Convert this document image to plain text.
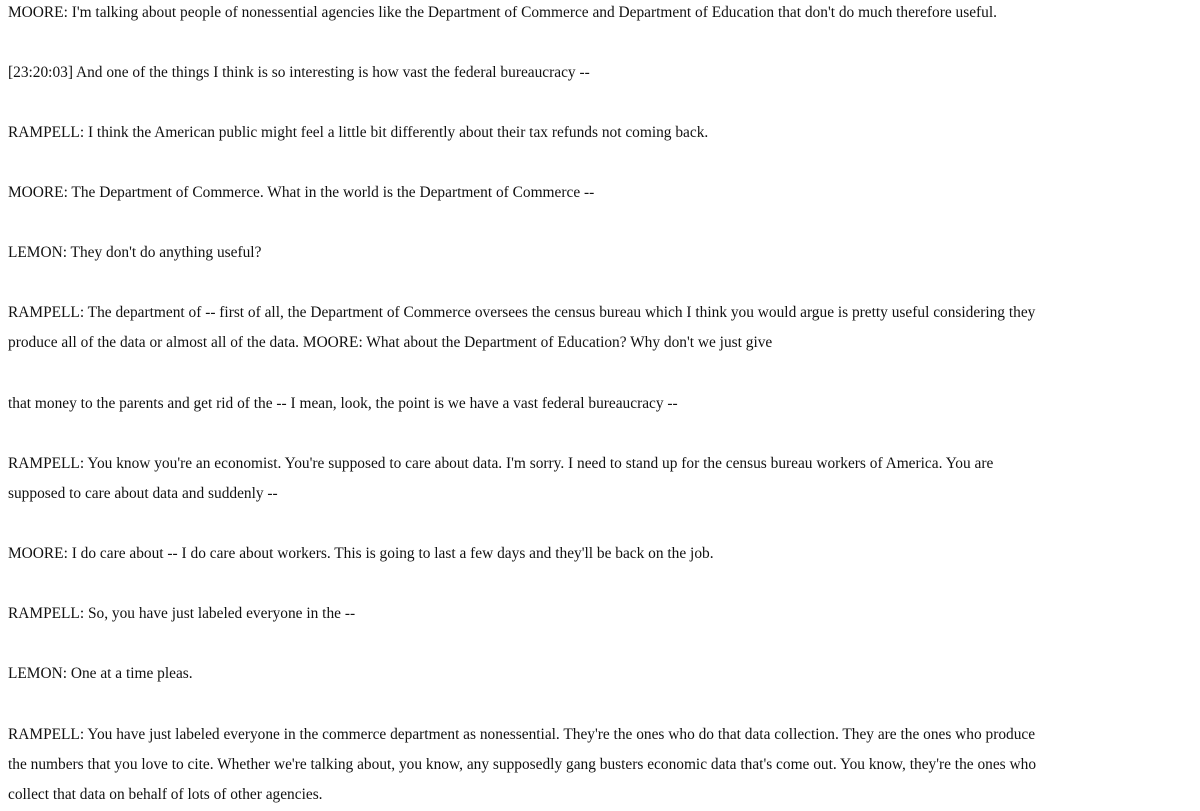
MOORE: I'm talking about people of nonessential agencies like the Department of Commerce and Department of Education that don't do much therefore useful.
[23:20:03] And one of the things I think is so interesting is how vast the federal bureaucracy --
RAMPELL: I think the American public might feel a little bit differently about their tax refunds not coming back.
MOORE: The Department of Commerce. What in the world is the Department of Commerce --
LEMON: They don't do anything useful?
RAMPELL: The department of -- first of all, the Department of Commerce oversees the census bureau which I think you would argue is pretty useful considering they
produce all of the data or almost all of the data. MOORE: What about the Department of Education? Why don't we just give
that money to the parents and get rid of the -- I mean, look, the point is we have a vast federal bureaucracy --
RAMPELL: You know you're an economist. You're supposed to care about data. I'm sorry. I need to stand up for the census bureau workers of America. You are
supposed to care about data and suddenly --
MOORE: I do care about -- I do care about workers. This is going to last a few days and they'll be back on the job.
RAMPELL: So, you have just labeled everyone in the --
LEMON: One at a time pleas.
RAMPELL: You have just labeled everyone in the commerce department as nonessential. They're the ones who do that data collection. They are the ones who produce
the numbers that you love to cite. Whether we're talking about, you know, any supposedly gang busters economic data that's come out. You know, they're the ones who
collect that data on behalf of lots of other agencies.
